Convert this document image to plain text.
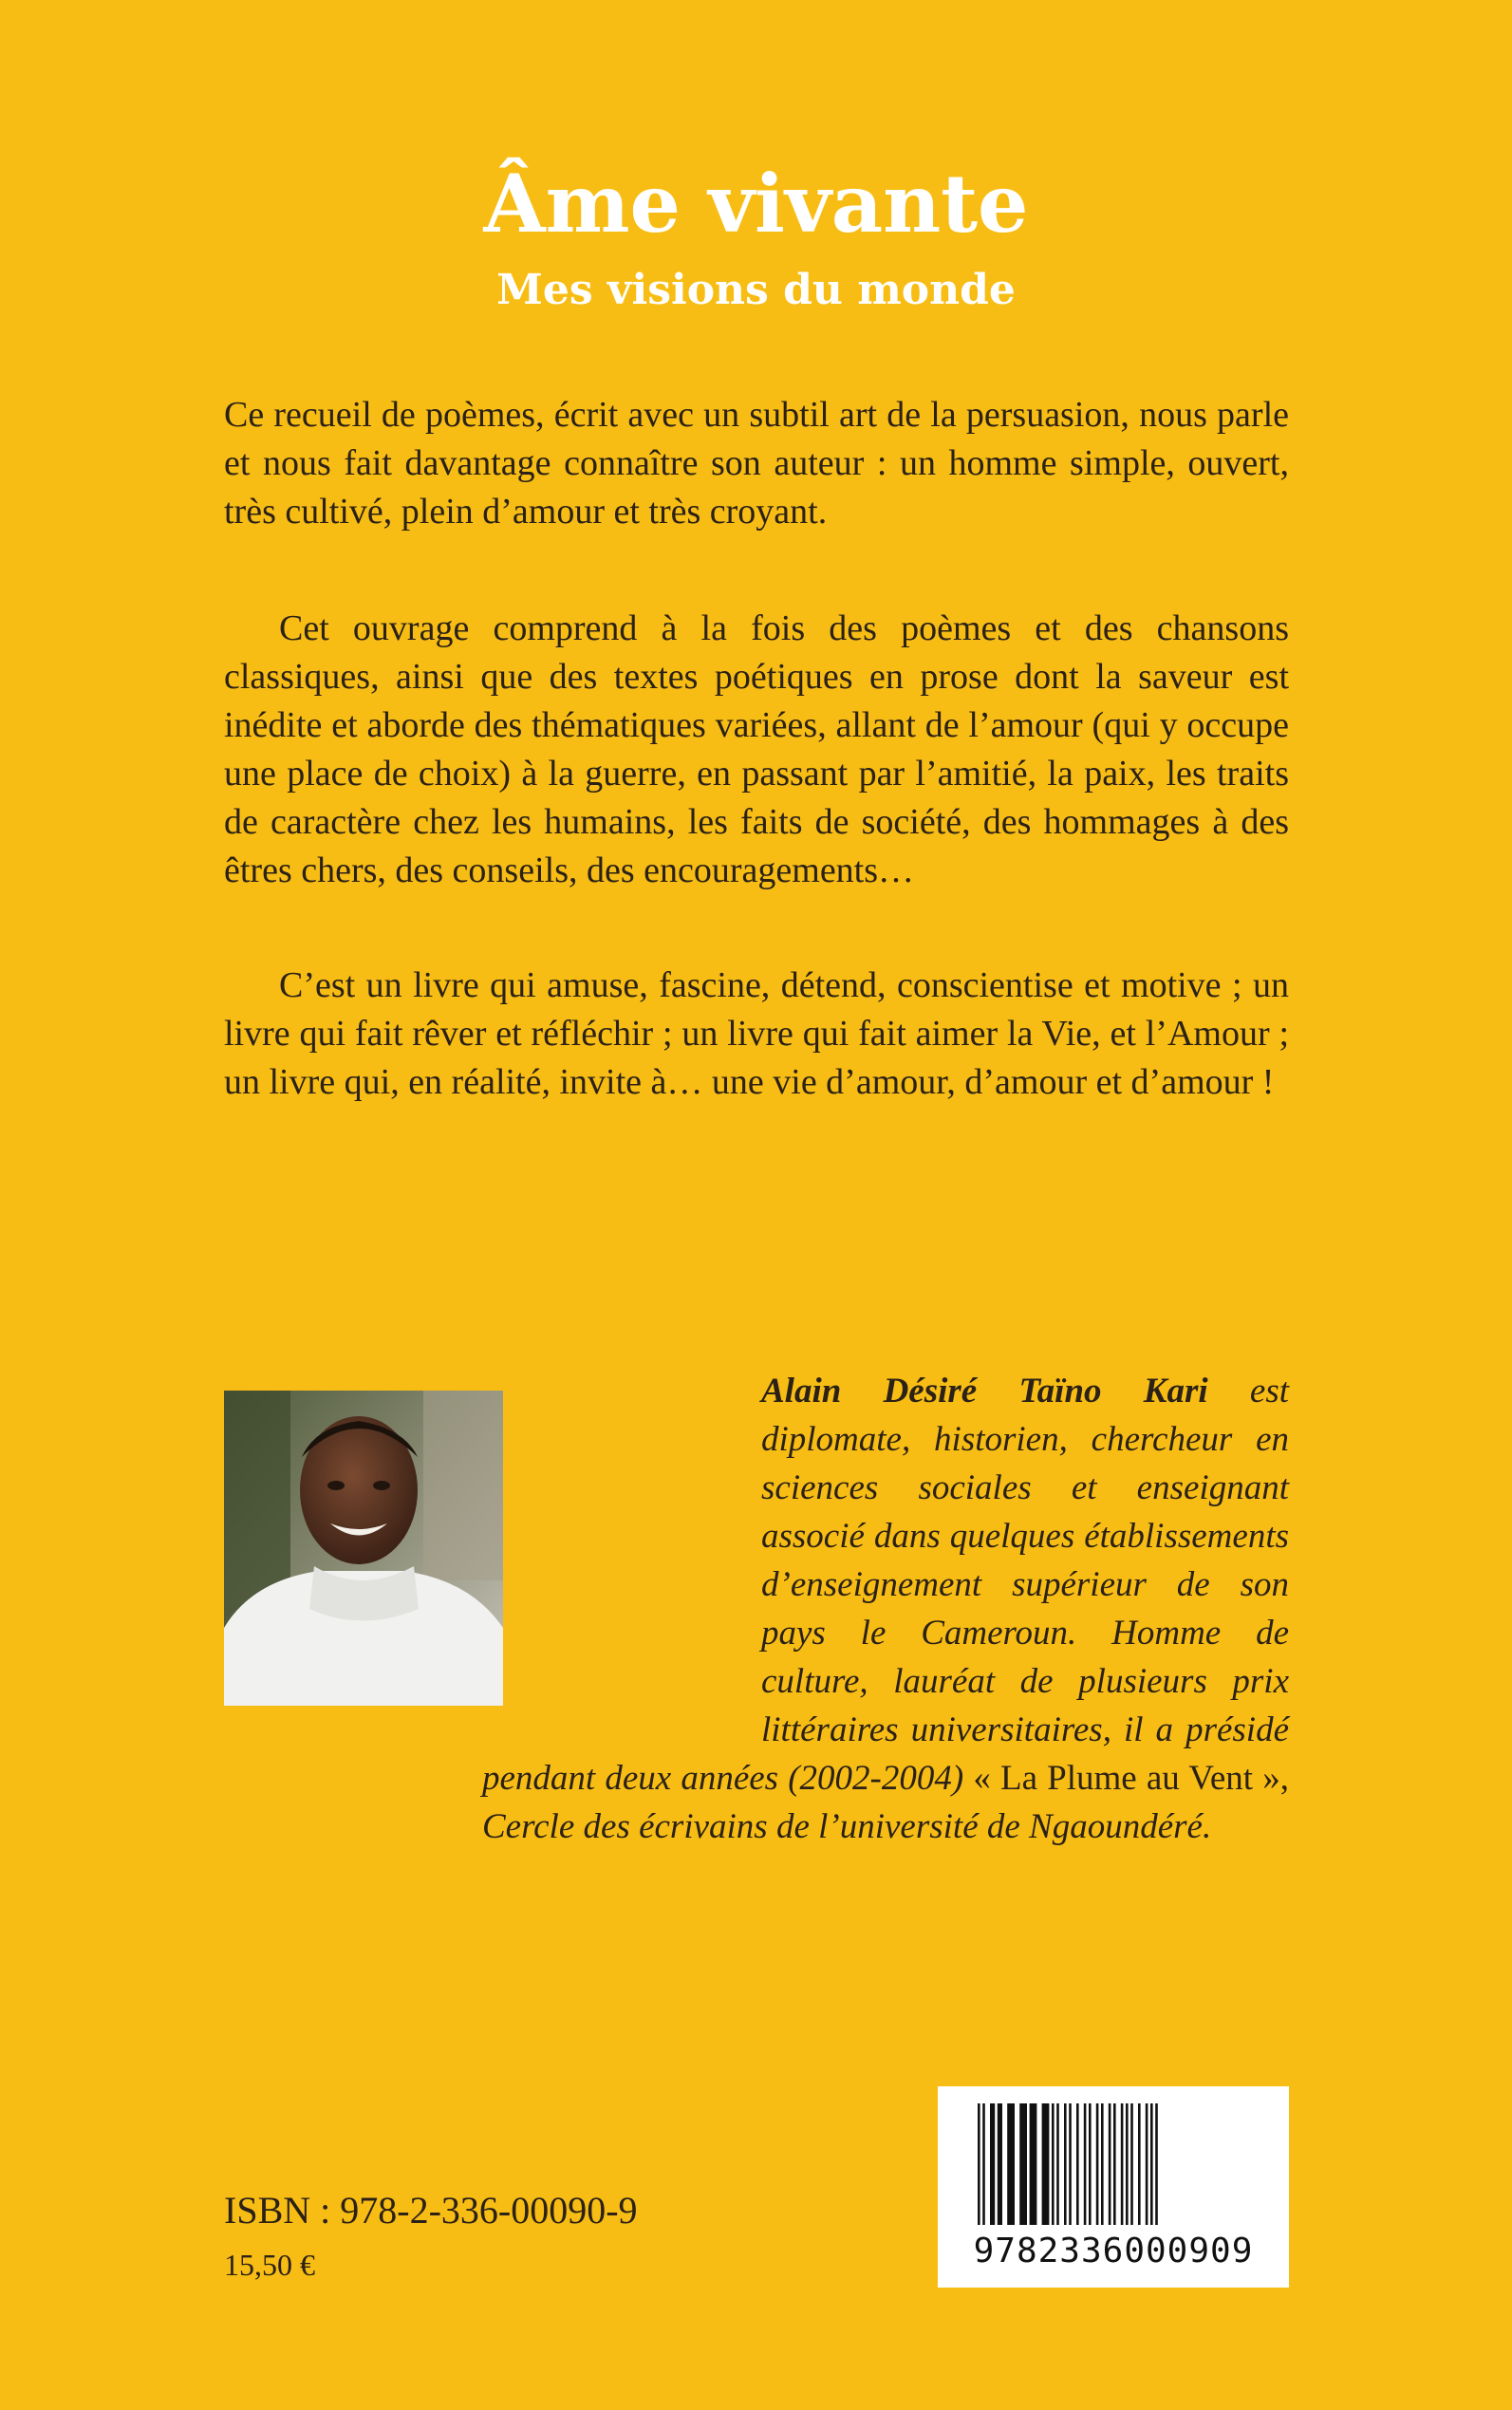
Âme vivante
Mes visions du monde

Ce recueil de poèmes, écrit avec un subtil art de la persuasion, nous parle et nous fait davantage connaître son auteur : un homme simple, ouvert, très cultivé, plein d’amour et très croyant.

Cet ouvrage comprend à la fois des poèmes et des chansons classiques, ainsi que des textes poétiques en prose dont la saveur est inédite et aborde des thématiques variées, allant de l’amour (qui y occupe une place de choix) à la guerre, en passant par l’amitié, la paix, les traits de caractère chez les humains, les faits de société, des hommages à des êtres chers, des conseils, des encouragements…

C’est un livre qui amuse, fascine, détend, conscientise et motive ; un livre qui fait rêver et réfléchir ; un livre qui fait aimer la Vie, et l’Amour ; un livre qui, en réalité, invite à… une vie d’amour, d’amour et d’amour !

Alain Désiré Taïno Kari est diplomate, historien, chercheur en sciences sociales et enseignant associé dans quelques établissements d’enseignement supérieur de son pays le Cameroun. Homme de culture, lauréat de plusieurs prix littéraires universitaires, il a présidé pendant deux années (2002-2004) « La Plume au Vent », Cercle des écrivains de l’université de Ngaoundéré.

ISBN : 978-2-336-00090-9

15,50 €	9782336000909
